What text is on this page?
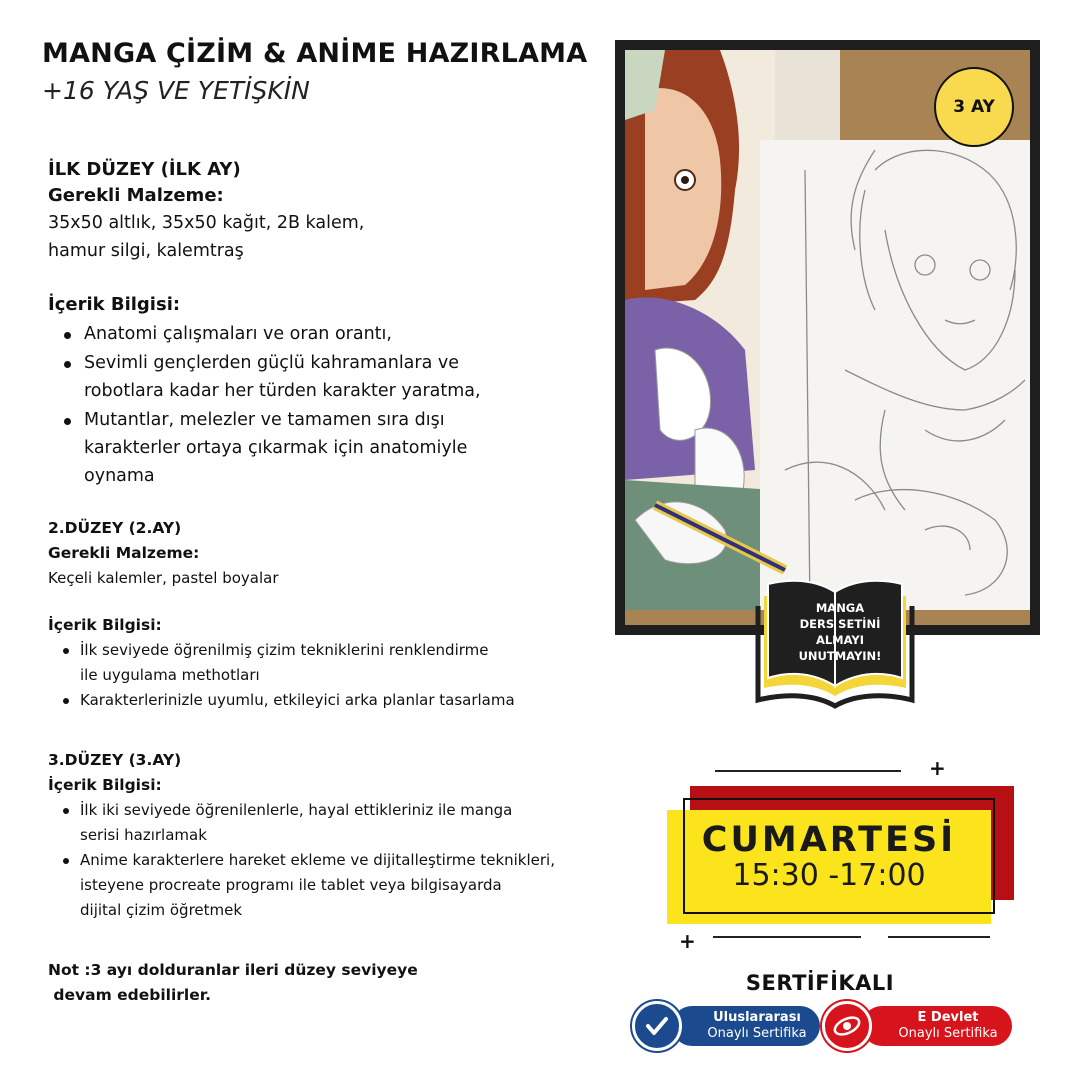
MANGA ÇİZİM & ANİME HAZIRLAMA
+16 YAŞ VE YETİŞKİN
İLK DÜZEY (İLK AY)
Gerekli Malzeme:
35x50 altlık, 35x50 kağıt, 2B kalem,
hamur silgi, kalemtraş
İçerik Bilgisi:
Anatomi çalışmaları ve oran orantı,
Sevimli gençlerden güçlü kahramanlara ve
robotlara kadar her türden karakter yaratma,
Mutantlar, melezler ve tamamen sıra dışı
karakterler ortaya çıkarmak için anatomiyle
oynama
2.DÜZEY (2.AY)
Gerekli Malzeme:
Keçeli kalemler, pastel boyalar
İçerik Bilgisi:
İlk seviyede öğrenilmiş çizim tekniklerini renklendirme
ile uygulama methotları
Karakterlerinizle uyumlu, etkileyici arka planlar tasarlama
3.DÜZEY (3.AY)
İçerik Bilgisi:
İlk iki seviyede öğrenilenlerle, hayal ettikleriniz ile manga
serisi hazırlamak
Anime karakterlere hareket ekleme ve dijitalleştirme teknikleri,
isteyene procreate programı ile tablet veya bilgisayarda
dijital çizim öğretmek
Not :3 ayı dolduranlar ileri düzey seviyeye
devam edebilirler.
3 AY
MANGA
DERS SETİNİ
ALMAYI
UNUTMAYIN!
+
CUMARTESİ
15:30 -17:00
+
SERTİFİKALI
Uluslararası
Onaylı Sertifika
E Devlet
Onaylı Sertifika
